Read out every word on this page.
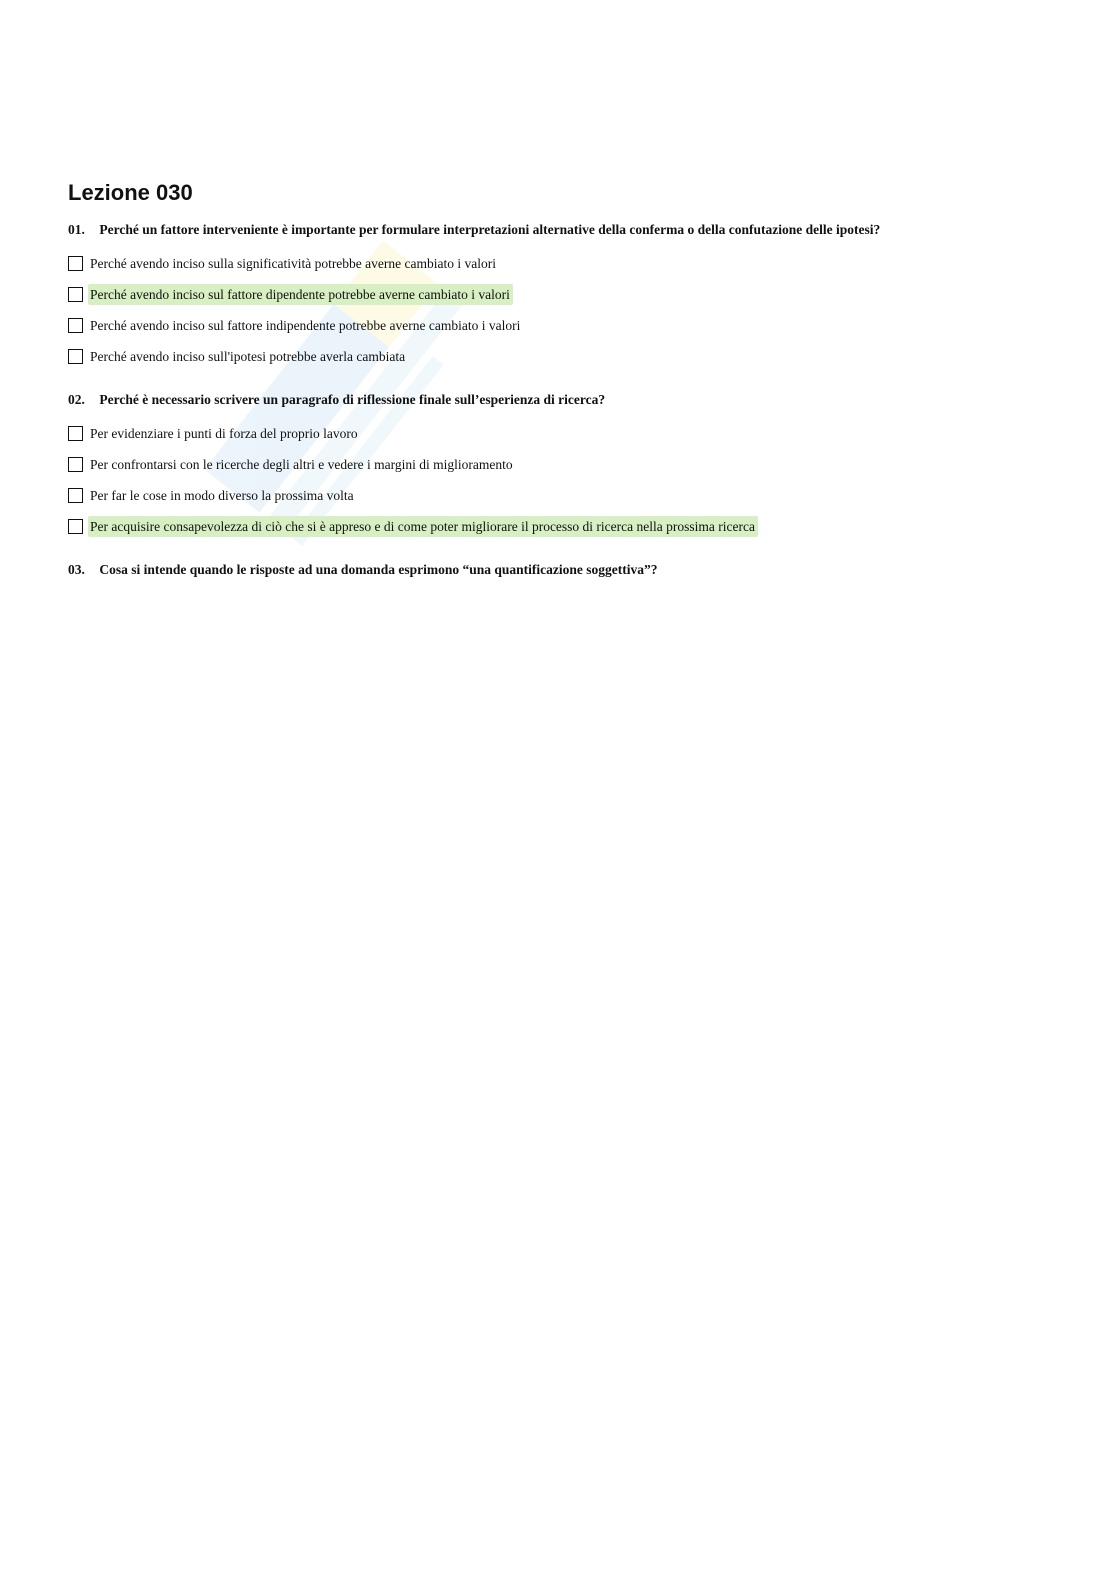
Lezione 030
01. Perché un fattore interveniente è importante per formulare interpretazioni alternative della conferma o della confutazione delle ipotesi?
Perché avendo inciso sulla significatività potrebbe averne cambiato i valori
Perché avendo inciso sul fattore dipendente potrebbe averne cambiato i valori
Perché avendo inciso sul fattore indipendente potrebbe averne cambiato i valori
Perché avendo inciso sull'ipotesi potrebbe averla cambiata
02. Perché è necessario scrivere un paragrafo di riflessione finale sull’esperienza di ricerca?
Per evidenziare i punti di forza del proprio lavoro
Per confrontarsi con le ricerche degli altri e vedere i margini di miglioramento
Per far le cose in modo diverso la prossima volta
Per acquisire consapevolezza di ciò che si è appreso e di come poter migliorare il processo di ricerca nella prossima ricerca
03. Cosa si intende quando le risposte ad una domanda esprimono “una quantificazione soggettiva”?
